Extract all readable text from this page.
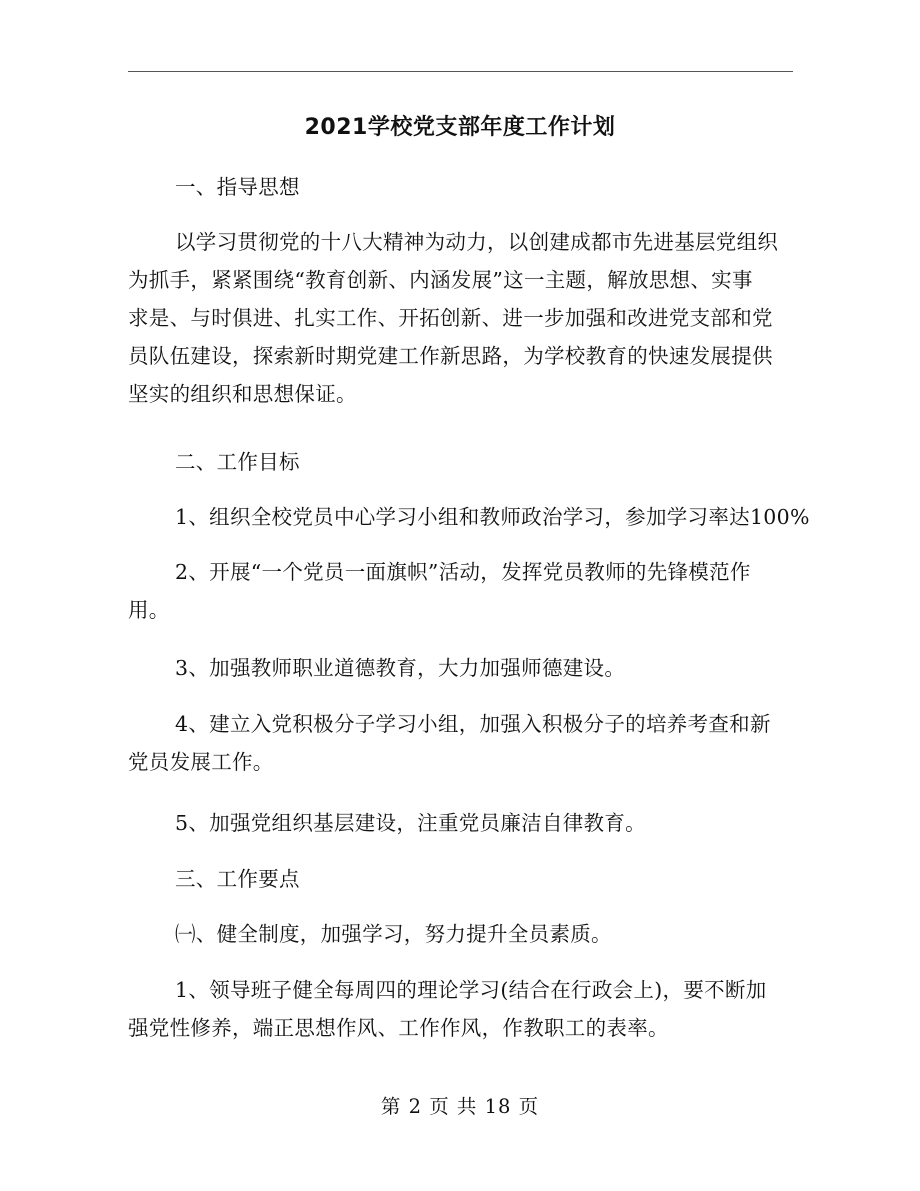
2021学校党支部年度工作计划
一、指导思想
以学习贯彻党的十八大精神为动力，以创建成都市先进基层党组织
为抓手，紧紧围绕“教育创新、内涵发展”这一主题，解放思想、实事
求是、与时俱进、扎实工作、开拓创新、进一步加强和改进党支部和党
员队伍建设，探索新时期党建工作新思路，为学校教育的快速发展提供
坚实的组织和思想保证。
二、工作目标
1、组织全校党员中心学习小组和教师政治学习，参加学习率达100%
2、开展“一个党员一面旗帜”活动，发挥党员教师的先锋模范作
用。
3、加强教师职业道德教育，大力加强师德建设。
4、建立入党积极分子学习小组，加强入积极分子的培养考查和新
党员发展工作。
5、加强党组织基层建设，注重党员廉洁自律教育。
三、工作要点
㈠、健全制度，加强学习，努力提升全员素质。
1、领导班子健全每周四的理论学习(结合在行政会上)，要不断加
强党性修养，端正思想作风、工作作风，作教职工的表率。
第 2 页 共 18 页
